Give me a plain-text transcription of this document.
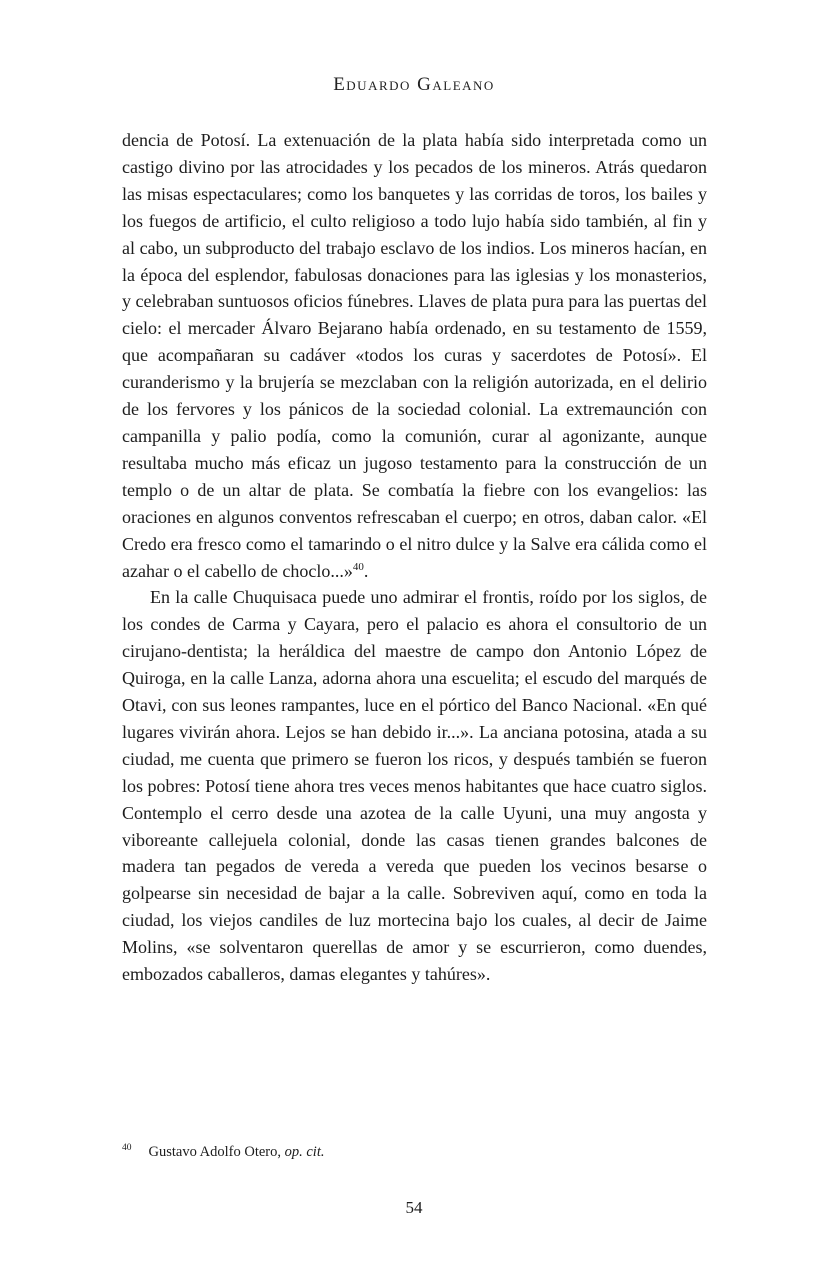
Eduardo Galeano

dencia de Potosí. La extenuación de la plata había sido interpretada como un castigo divino por las atrocidades y los pecados de los mineros. Atrás quedaron las misas espectaculares; como los banquetes y las corridas de toros, los bailes y los fuegos de artificio, el culto religioso a todo lujo había sido también, al fin y al cabo, un subproducto del trabajo esclavo de los indios. Los mineros hacían, en la época del esplendor, fabulosas donaciones para las iglesias y los monasterios, y celebraban suntuosos oficios fúnebres. Llaves de plata pura para las puertas del cielo: el mercader Álvaro Bejarano había ordenado, en su testamento de 1559, que acompañaran su cadáver «todos los curas y sacerdotes de Potosí». El curanderismo y la brujería se mezclaban con la religión autorizada, en el delirio de los fervores y los pánicos de la sociedad colonial. La extremaunción con campanilla y palio podía, como la comunión, curar al agonizante, aunque resultaba mucho más eficaz un jugoso testamento para la construcción de un templo o de un altar de plata. Se combatía la fiebre con los evangelios: las oraciones en algunos conventos refrescaban el cuerpo; en otros, daban calor. «El Credo era fresco como el tamarindo o el nitro dulce y la Salve era cálida como el azahar o el cabello de choclo...»$^{40}$.

En la calle Chuquisaca puede uno admirar el frontis, roído por los siglos, de los condes de Carma y Cayara, pero el palacio es ahora el consultorio de un cirujano-dentista; la heráldica del maestre de campo don Antonio López de Quiroga, en la calle Lanza, adorna ahora una escuelita; el escudo del marqués de Otavi, con sus leones rampantes, luce en el pórtico del Banco Nacional. «En qué lugares vivirán ahora. Lejos se han debido ir...». La anciana potosina, atada a su ciudad, me cuenta que primero se fueron los ricos, y después también se fueron los pobres: Potosí tiene ahora tres veces menos habitantes que hace cuatro siglos. Contemplo el cerro desde una azotea de la calle Uyuni, una muy angosta y viboreante callejuela colonial, donde las casas tienen grandes balcones de madera tan pegados de vereda a vereda que pueden los vecinos besarse o golpearse sin necesidad de bajar a la calle. Sobreviven aquí, como en toda la ciudad, los viejos candiles de luz mortecina bajo los cuales, al decir de Jaime Molins, «se solventaron querellas de amor y se escurrieron, como duendes, embozados caballeros, damas elegantes y tahúres».

$^{40}$ Gustavo Adolfo Otero, op. cit.
54
